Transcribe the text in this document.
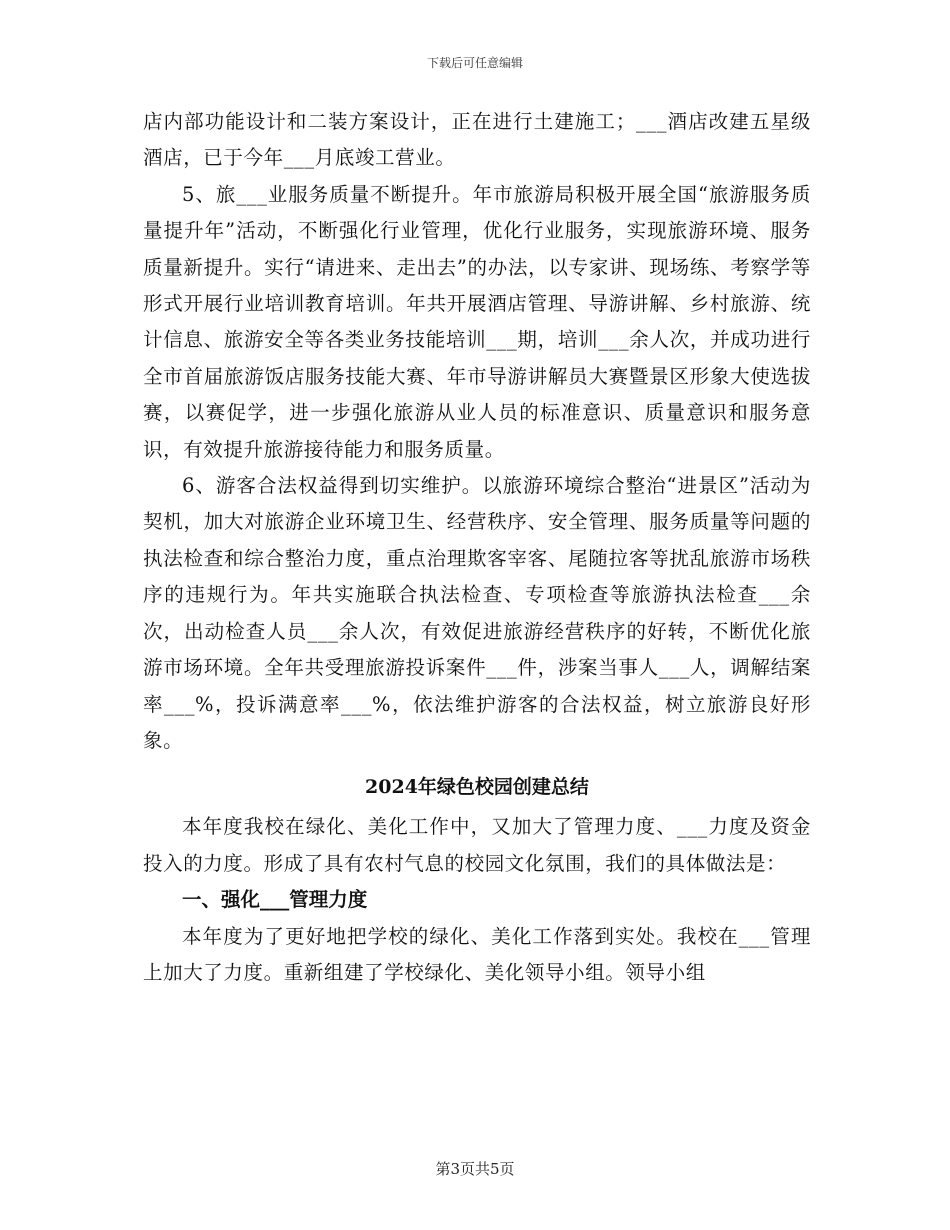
下载后可任意编辑

店内部功能设计和二装方案设计，正在进行土建施工；___酒店改建五星级酒店，已于今年___月底竣工营业。

5、旅___业服务质量不断提升。年市旅游局积极开展全国“旅游服务质量提升年”活动，不断强化行业管理，优化行业服务，实现旅游环境、服务质量新提升。实行“请进来、走出去”的办法，以专家讲、现场练、考察学等形式开展行业培训教育培训。年共开展酒店管理、导游讲解、乡村旅游、统计信息、旅游安全等各类业务技能培训___期，培训___余人次，并成功进行全市首届旅游饭店服务技能大赛、年市导游讲解员大赛暨景区形象大使选拔赛，以赛促学，进一步强化旅游从业人员的标准意识、质量意识和服务意识，有效提升旅游接待能力和服务质量。

6、游客合法权益得到切实维护。以旅游环境综合整治“进景区”活动为契机，加大对旅游企业环境卫生、经营秩序、安全管理、服务质量等问题的执法检查和综合整治力度，重点治理欺客宰客、尾随拉客等扰乱旅游市场秩序的违规行为。年共实施联合执法检查、专项检查等旅游执法检查___余次，出动检查人员___余人次，有效促进旅游经营秩序的好转，不断优化旅游市场环境。全年共受理旅游投诉案件___件，涉案当事人___人，调解结案率___%，投诉满意率___%，依法维护游客的合法权益，树立旅游良好形象。

2024年绿色校园创建总结

本年度我校在绿化、美化工作中，又加大了管理力度、___力度及资金投入的力度。形成了具有农村气息的校园文化氛围，我们的具体做法是：

一、强化___管理力度

本年度为了更好地把学校的绿化、美化工作落到实处。我校在___管理上加大了力度。重新组建了学校绿化、美化领导小组。领导小组

第3页共5页
